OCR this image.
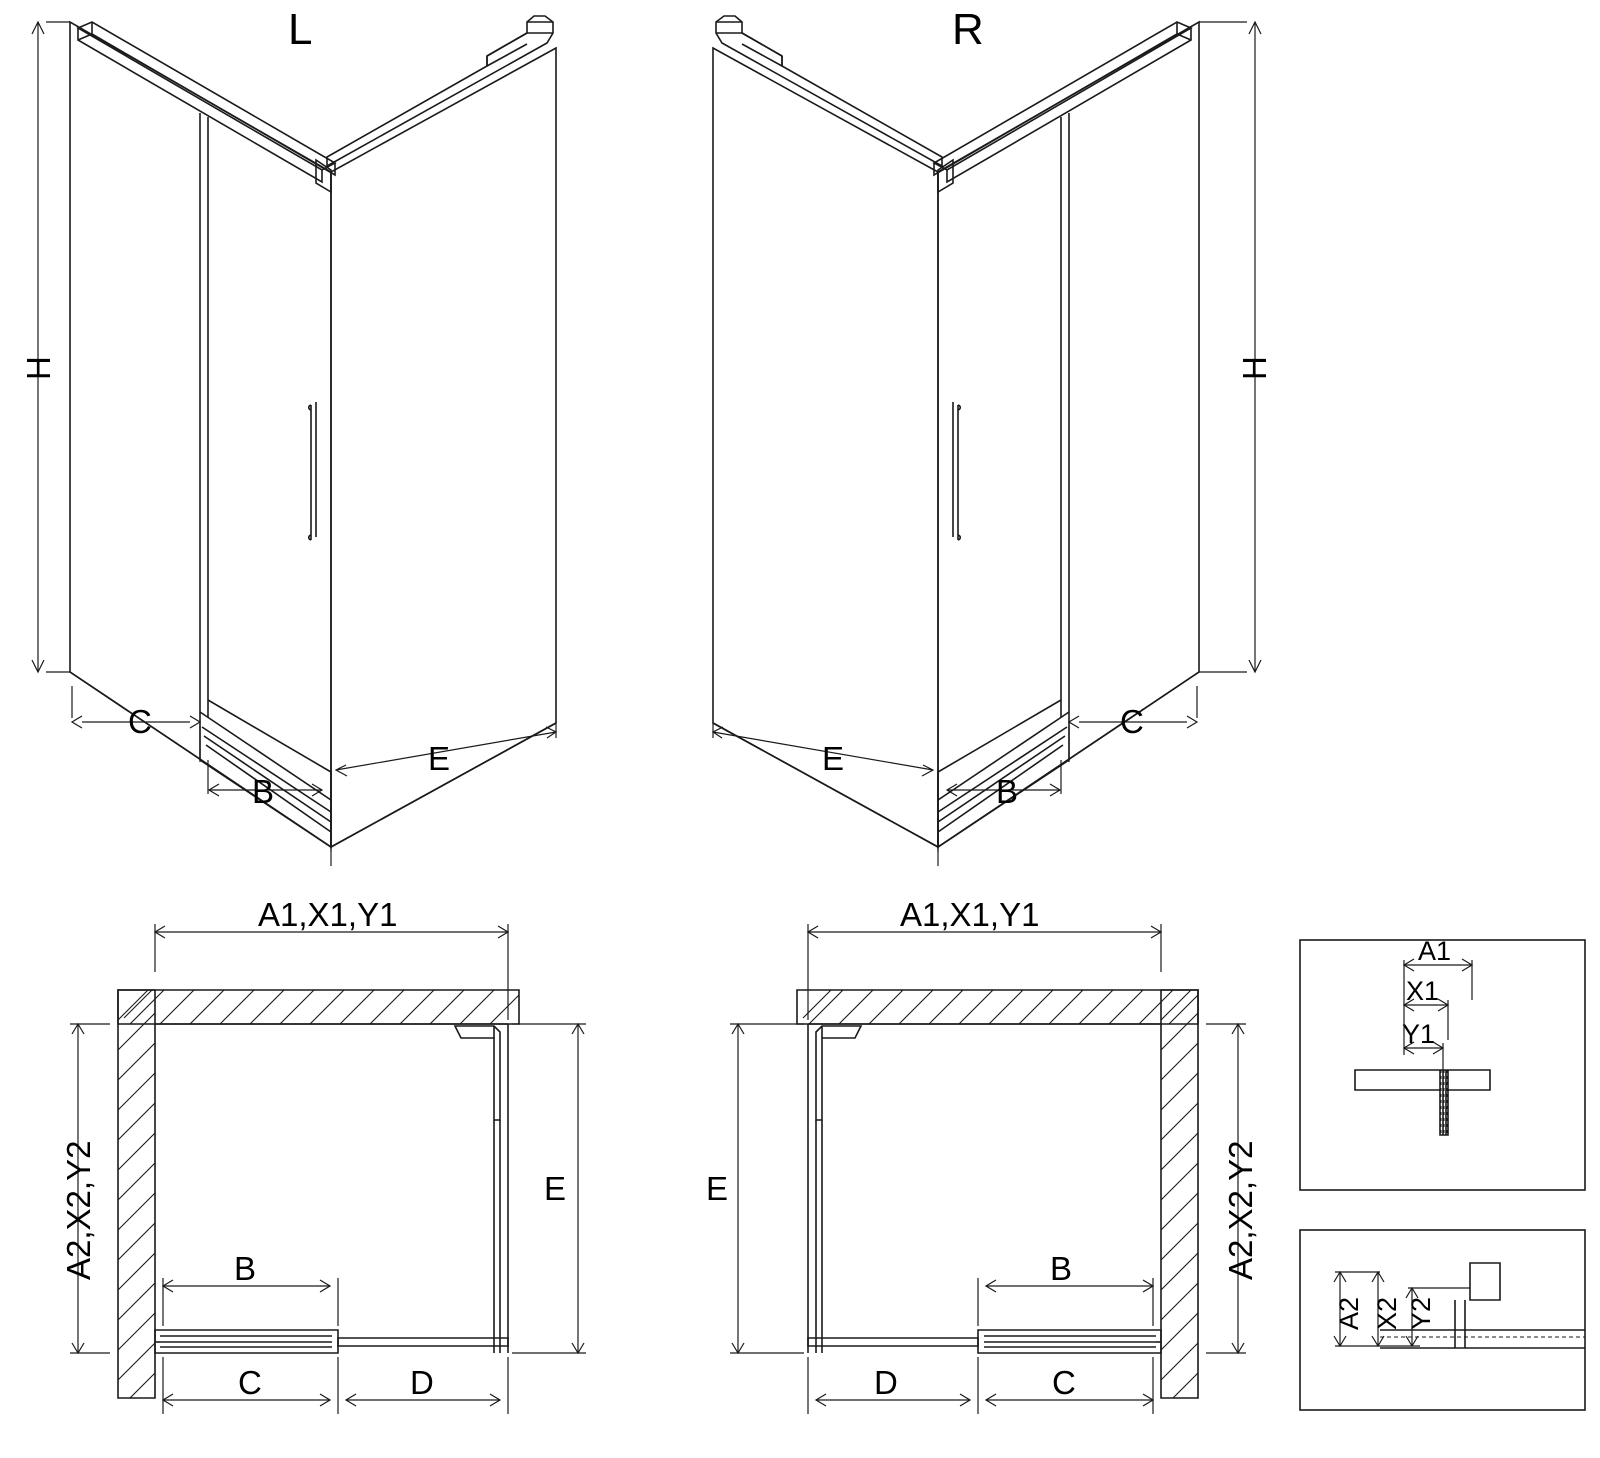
L	R
H
C
B
E
H
C
B
E
A1,X1,Y1
A2,X2,Y2	E
B
C	D
A1,X1,Y1
A2,X2,Y2
E
B
C
D
A1
X1
Y1
A2 X2 Y2
